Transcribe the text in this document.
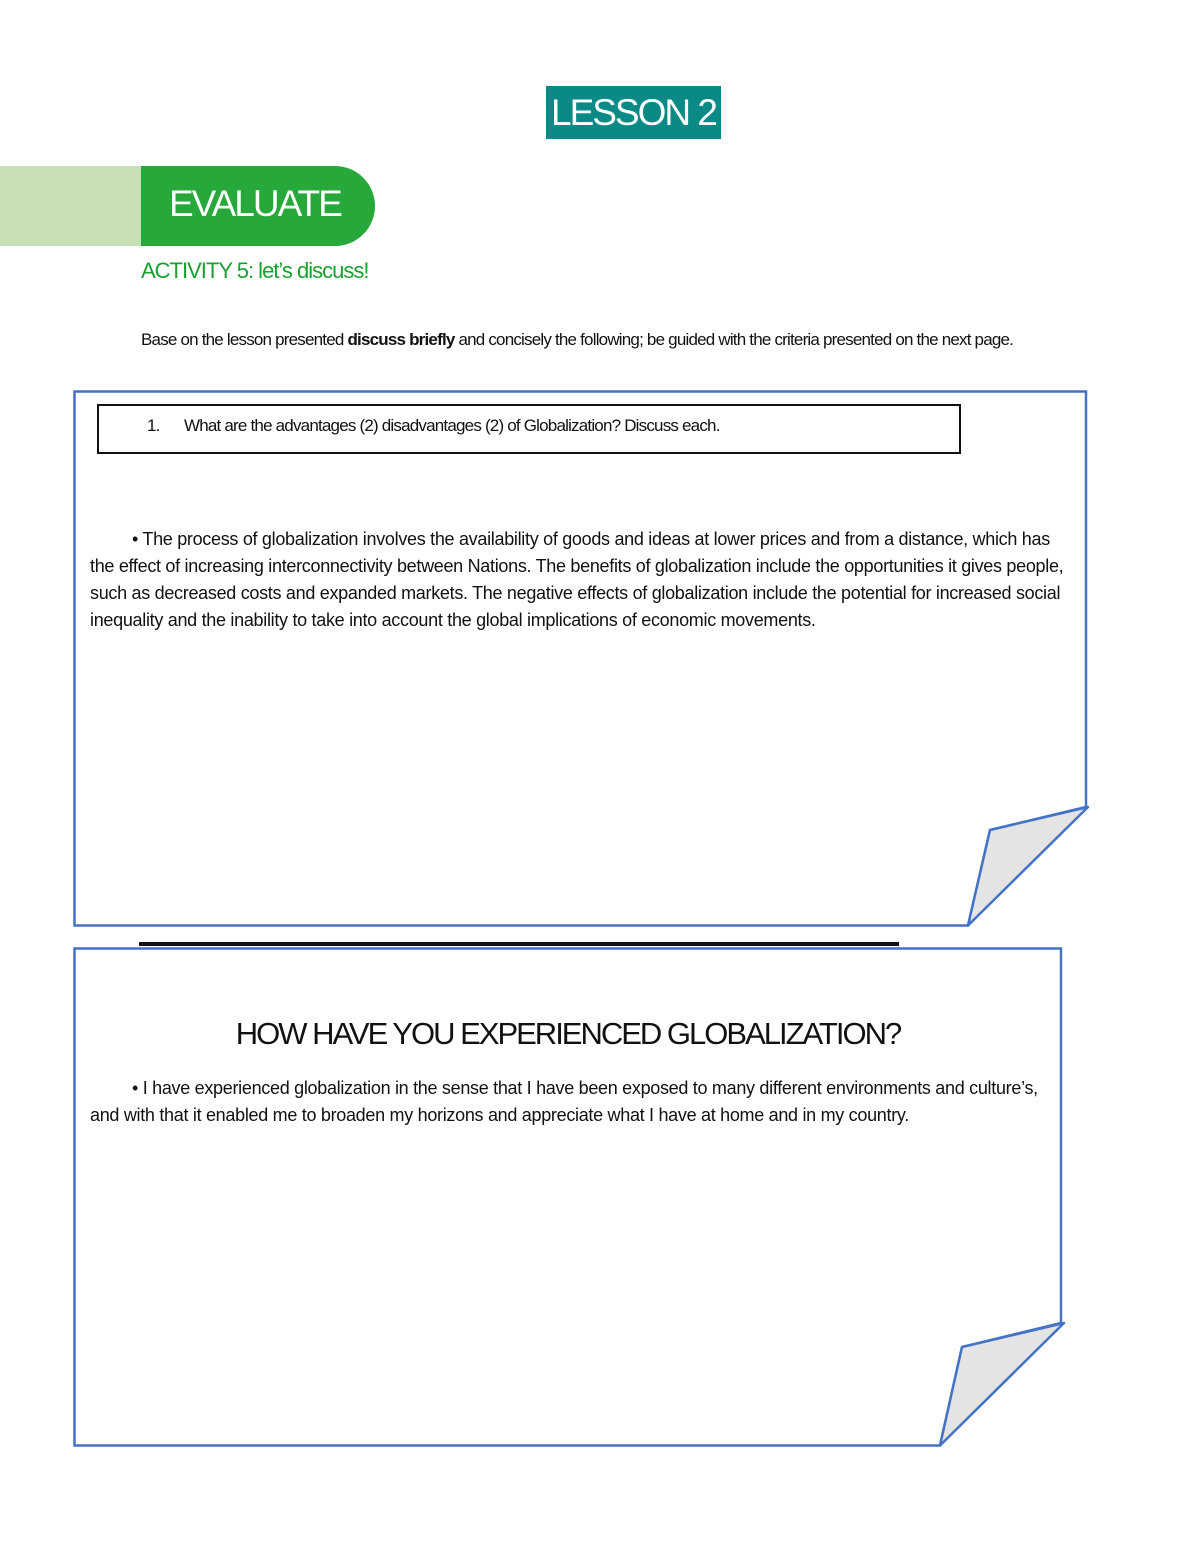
LESSON 2
EVALUATE
ACTIVITY 5: let’s discuss!
Base on the lesson presented discuss briefly and concisely the following; be guided with the criteria presented on the next page.
1. What are the advantages (2) disadvantages (2) of Globalization? Discuss each.
• The process of globalization involves the availability of goods and ideas at lower prices and from a distance, which has the effect of increasing interconnectivity between Nations. The benefits of globalization include the opportunities it gives people, such as decreased costs and expanded markets. The negative effects of globalization include the potential for increased social inequality and the inability to take into account the global implications of economic movements.
HOW HAVE YOU EXPERIENCED GLOBALIZATION?
• I have experienced globalization in the sense that I have been exposed to many different environments and culture’s, and with that it enabled me to broaden my horizons and appreciate what I have at home and in my country.
